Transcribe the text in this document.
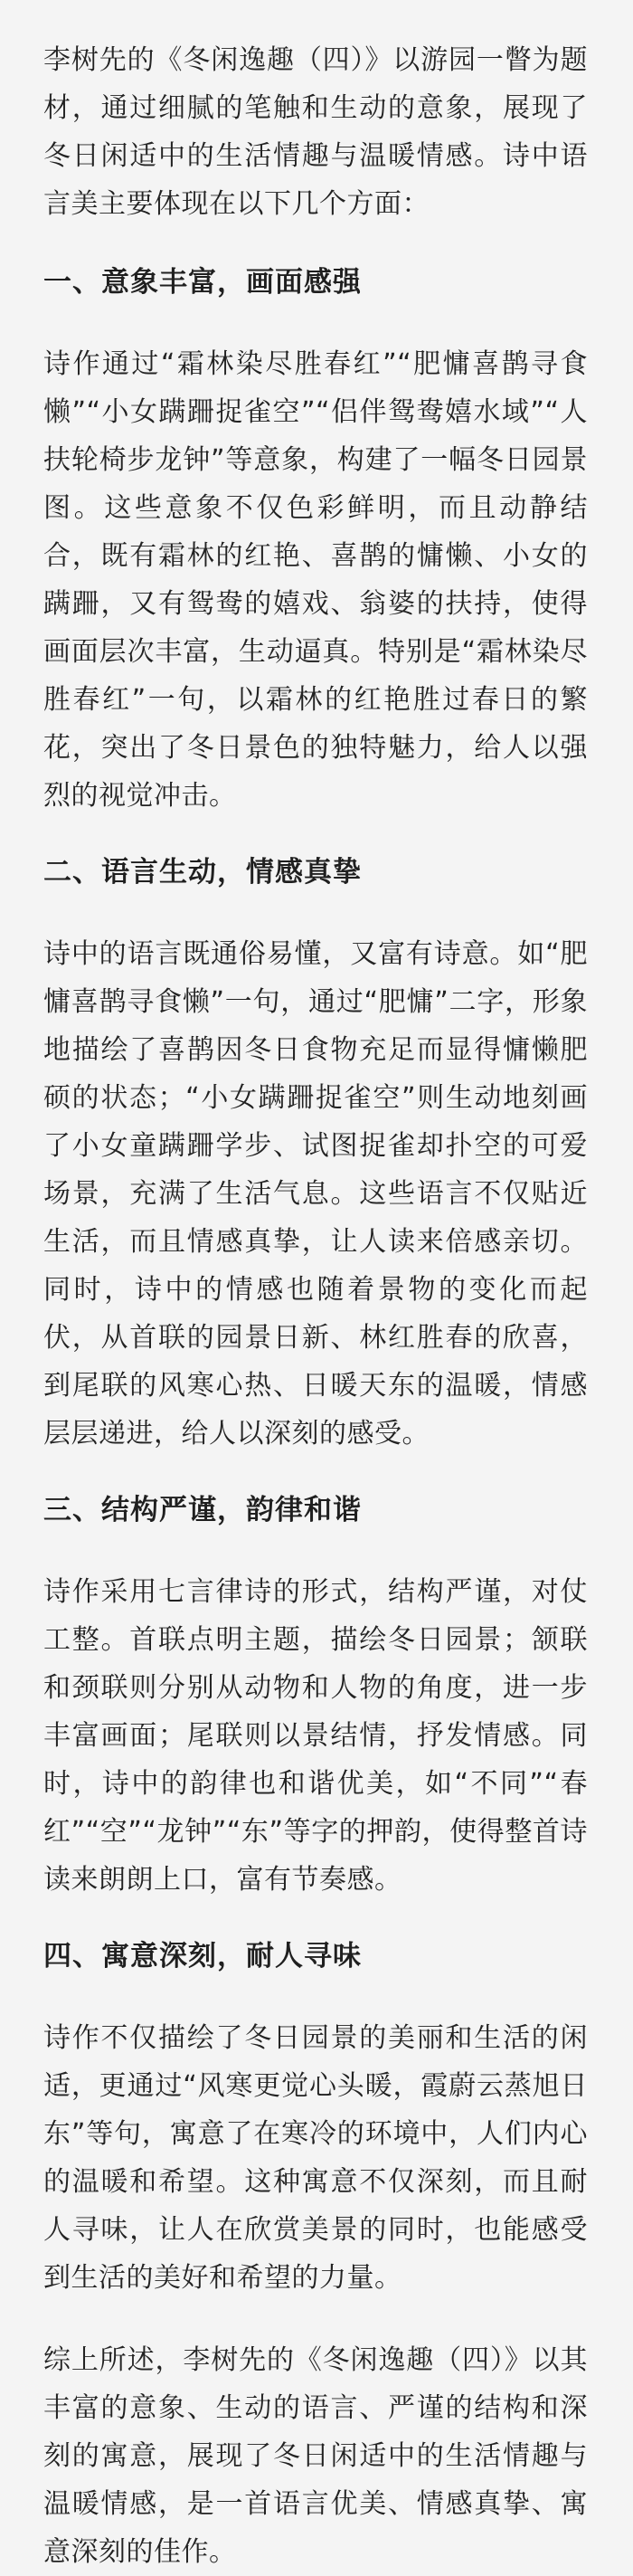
李树先的《冬闲逸趣（四）》以游园一瞥为题材，通过细腻的笔触和生动的意象，展现了冬日闲适中的生活情趣与温暖情感。诗中语言美主要体现在以下几个方面：

一、意象丰富，画面感强

诗作通过“霜林染尽胜春红”“肥慵喜鹊寻食懒”“小女蹒跚捉雀空”“侣伴鸳鸯嬉水域”“人扶轮椅步龙钟”等意象，构建了一幅冬日园景图。这些意象不仅色彩鲜明，而且动静结合，既有霜林的红艳、喜鹊的慵懒、小女的蹒跚，又有鸳鸯的嬉戏、翁婆的扶持，使得画面层次丰富，生动逼真。特别是“霜林染尽胜春红”一句，以霜林的红艳胜过春日的繁花，突出了冬日景色的独特魅力，给人以强烈的视觉冲击。

二、语言生动，情感真挚

诗中的语言既通俗易懂，又富有诗意。如“肥慵喜鹊寻食懒”一句，通过“肥慵”二字，形象地描绘了喜鹊因冬日食物充足而显得慵懒肥硕的状态；“小女蹒跚捉雀空”则生动地刻画了小女童蹒跚学步、试图捉雀却扑空的可爱场景，充满了生活气息。这些语言不仅贴近生活，而且情感真挚，让人读来倍感亲切。同时，诗中的情感也随着景物的变化而起伏，从首联的园景日新、林红胜春的欣喜，到尾联的风寒心热、日暖天东的温暖，情感层层递进，给人以深刻的感受。

三、结构严谨，韵律和谐

诗作采用七言律诗的形式，结构严谨，对仗工整。首联点明主题，描绘冬日园景；颔联和颈联则分别从动物和人物的角度，进一步丰富画面；尾联则以景结情，抒发情感。同时，诗中的韵律也和谐优美，如“不同”“春红”“空”“龙钟”“东”等字的押韵，使得整首诗读来朗朗上口，富有节奏感。

四、寓意深刻，耐人寻味

诗作不仅描绘了冬日园景的美丽和生活的闲适，更通过“风寒更觉心头暖，霞蔚云蒸旭日东”等句，寓意了在寒冷的环境中，人们内心的温暖和希望。这种寓意不仅深刻，而且耐人寻味，让人在欣赏美景的同时，也能感受到生活的美好和希望的力量。

综上所述，李树先的《冬闲逸趣（四）》以其丰富的意象、生动的语言、严谨的结构和深刻的寓意，展现了冬日闲适中的生活情趣与温暖情感，是一首语言优美、情感真挚、寓意深刻的佳作。
